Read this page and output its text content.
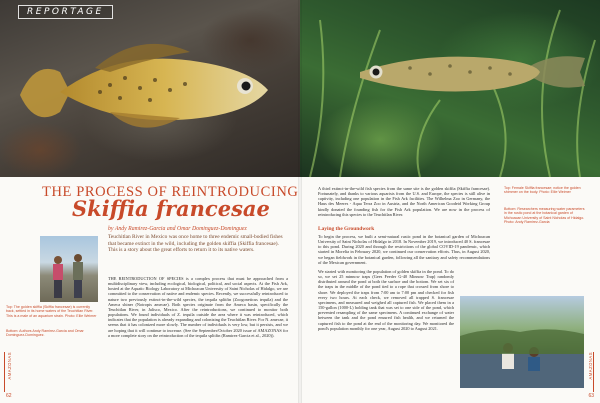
REPORTAGE
THE PROCESS OF REINTRODUCING
Skiffia francesae
by Andy Ramirez-Garcia and Omar Dominguez-Dominguez
Teuchitlan River in Mexico was once home to three endemic small-bodied fishes that became extinct in the wild, including the golden skiffia (Skiffia francesae). This is a story about the great efforts to return it to its native waters.
Top: The golden skiffia (Skiffia francesae) is currently back, settled in its home waters of the Teuchitlan River. This is a male of an aquarium strain. Photo: Ellie Weimer
Bottom: Authors Andy Ramirez-Garcia and Omar Dominguez-Dominguez.
THE REINTRODUCTION OF SPECIES is a complex process that must be approached from a multidisciplinary view, including ecological, biological, political, and social aspects. At the Fish Ark, hosted at the Aquatic Biology Laboratory at Michoacan University of Saint Nicholas of Hidalgo, we are committed to the conservation of native and endemic species. Recently, we successfully reintroduced to nature two previously extinct-in-the-wild species, the tequila splitfin (Zoogoneticus tequila) and the Ameca shiner (Notropis amecae). Both species originate from the Ameca basin, specifically the Teuchitlan River, in Jalisco, Mexico. After the reintroductions, we continued to monitor both populations. We found individuals of Z. tequila outside the area where it was reintroduced, which indicates that the population is already expanding and colonizing the Teuchitlan River. For N. amecae, it seems that it has colonized more slowly. The number of individuals is very low, but it persists, and we are hoping that it will continue to increase. (See the September/October 2020 issue of AMAZONAS for a more complete story on the reintroduction of the tequila splitfin (Ramirez-Garcia et al., 2020)).
AMAZONAS
62
A third extinct-in-the-wild fish species from the same site is the golden skiffia (Skiffia francesae). Fortunately, and thanks to various aquarists from the U.S. and Europe, the species is still alive in captivity, including one population in the Fish Ark facilities. The Wilhelma Zoo in Germany, the Haus des Meeres - Aqua Terra Zoo in Austria, and the North American Goodeid Working Group kindly donated the founding fish for the Fish Ark population. We are now in the process of reintroducing this species to the Teuchitlan River.
Laying the Groundwork
To begin the process, we built a semi-natural rustic pond in the botanical garden of Michoacan University of Saint Nicholas of Hidalgo in 2018. In November 2019, we introduced 40 S. francesae to this pond. During 2020 and through the restrictions of the global COVID-19 pandemic, which started in Morelia in February 2020, we continued our conservation efforts. Thus, in August 2020, we began fieldwork in the botanical garden, following all the sanitary and safety recommendations of the Mexican government.
We started with monitoring the population of golden skiffia in the pond. To do so, we set 25 minnow traps (Gees Feeder G-40 Minnow Trap) randomly distributed around the pond at both the surface and the bottom. We set six of the traps in the middle of the pond tied to a rope that crossed from shore to shore. We deployed the traps from 7:00 am to 7:00 pm and checked for fish every two hours. At each check, we removed all trapped S. francesae specimens, and measured and weighed all captured fish. We placed them in a 150-gallon (1000-L) holding tank that was set to one side of the pond, which prevented resampling of the same specimens. A continued exchange of water between the tank and the pond ensured fish health, and we returned the captured fish to the pond at the end of the monitoring day. We monitored the pond's population monthly for one year, August 2020 to August 2021.
Top: Female Skiffia francesae; notice the golden shimmer on the body. Photo: Ellie Weimer
Bottom: Researchers measuring water parameters in the rustic pond at the botanical garden of Michoacan University of Saint Nicholas of Hidalgo. Photo: Andy Ramirez-Garcia
AMAZONAS
63
